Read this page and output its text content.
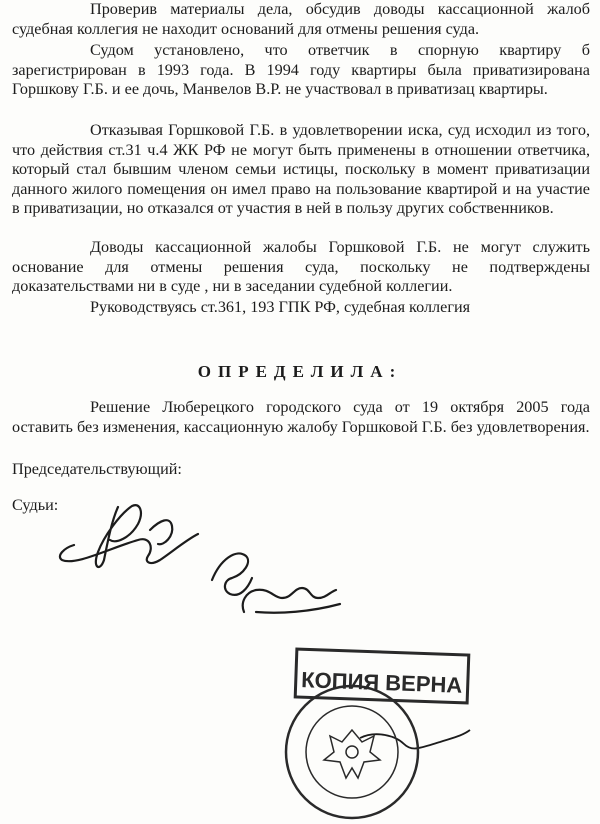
Проверив материалы дела, обсудив доводы кассационной жалоб судебная коллегия не находит оснований для отмены решения суда.

Судом установлено, что ответчик в спорную квартиру б зарегистрирован в 1993 года. В 1994 году квартиры была приватизирована Горшкову Г.Б. и ее дочь, Манвелов В.Р. не участвовал в приватизац квартиры.

Отказывая Горшковой Г.Б. в удовлетворении иска, суд исходил из того, что действия ст.31 ч.4 ЖК РФ не могут быть применены в отношении ответчика, который стал бывшим членом семьи истицы, поскольку в момент приватизации данного жилого помещения он имел право на пользование квартирой и на участие в приватизации, но отказался от участия в ней в пользу других собственников.

Доводы кассационной жалобы Горшковой Г.Б. не могут служить основание для отмены решения суда, поскольку не подтверждены доказательствами ни в суде , ни в заседании судебной коллегии.

Руководствуясь ст.361, 193 ГПК РФ, судебная коллегия

ОПРЕДЕЛИЛА:

Решение Люберецкого городского суда от 19 октября 2005 года оставить без изменения, кассационную жалобу Горшковой Г.Б. без удовлетворения.

Председательствующий:
Судьи:
КОПИЯ ВЕРНА
